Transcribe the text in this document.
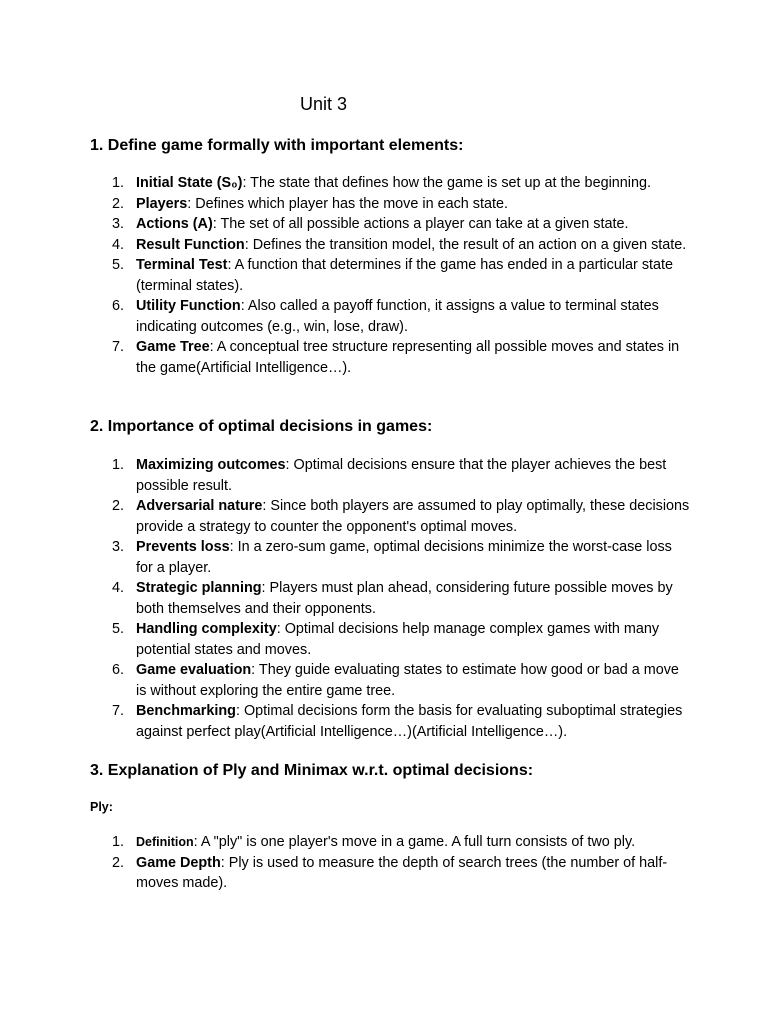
Unit 3
1. Define game formally with important elements:
1. Initial State (S₀): The state that defines how the game is set up at the beginning.
2. Players: Defines which player has the move in each state.
3. Actions (A): The set of all possible actions a player can take at a given state.
4. Result Function: Defines the transition model, the result of an action on a given state.
5. Terminal Test: A function that determines if the game has ended in a particular state (terminal states).
6. Utility Function: Also called a payoff function, it assigns a value to terminal states indicating outcomes (e.g., win, lose, draw).
7. Game Tree: A conceptual tree structure representing all possible moves and states in the game(Artificial Intelligence…).
2. Importance of optimal decisions in games:
1. Maximizing outcomes: Optimal decisions ensure that the player achieves the best possible result.
2. Adversarial nature: Since both players are assumed to play optimally, these decisions provide a strategy to counter the opponent's optimal moves.
3. Prevents loss: In a zero-sum game, optimal decisions minimize the worst-case loss for a player.
4. Strategic planning: Players must plan ahead, considering future possible moves by both themselves and their opponents.
5. Handling complexity: Optimal decisions help manage complex games with many potential states and moves.
6. Game evaluation: They guide evaluating states to estimate how good or bad a move is without exploring the entire game tree.
7. Benchmarking: Optimal decisions form the basis for evaluating suboptimal strategies against perfect play(Artificial Intelligence…)(Artificial Intelligence…).
3. Explanation of Ply and Minimax w.r.t. optimal decisions:
Ply:
1. Definition: A "ply" is one player's move in a game. A full turn consists of two ply.
2. Game Depth: Ply is used to measure the depth of search trees (the number of half-moves made).
